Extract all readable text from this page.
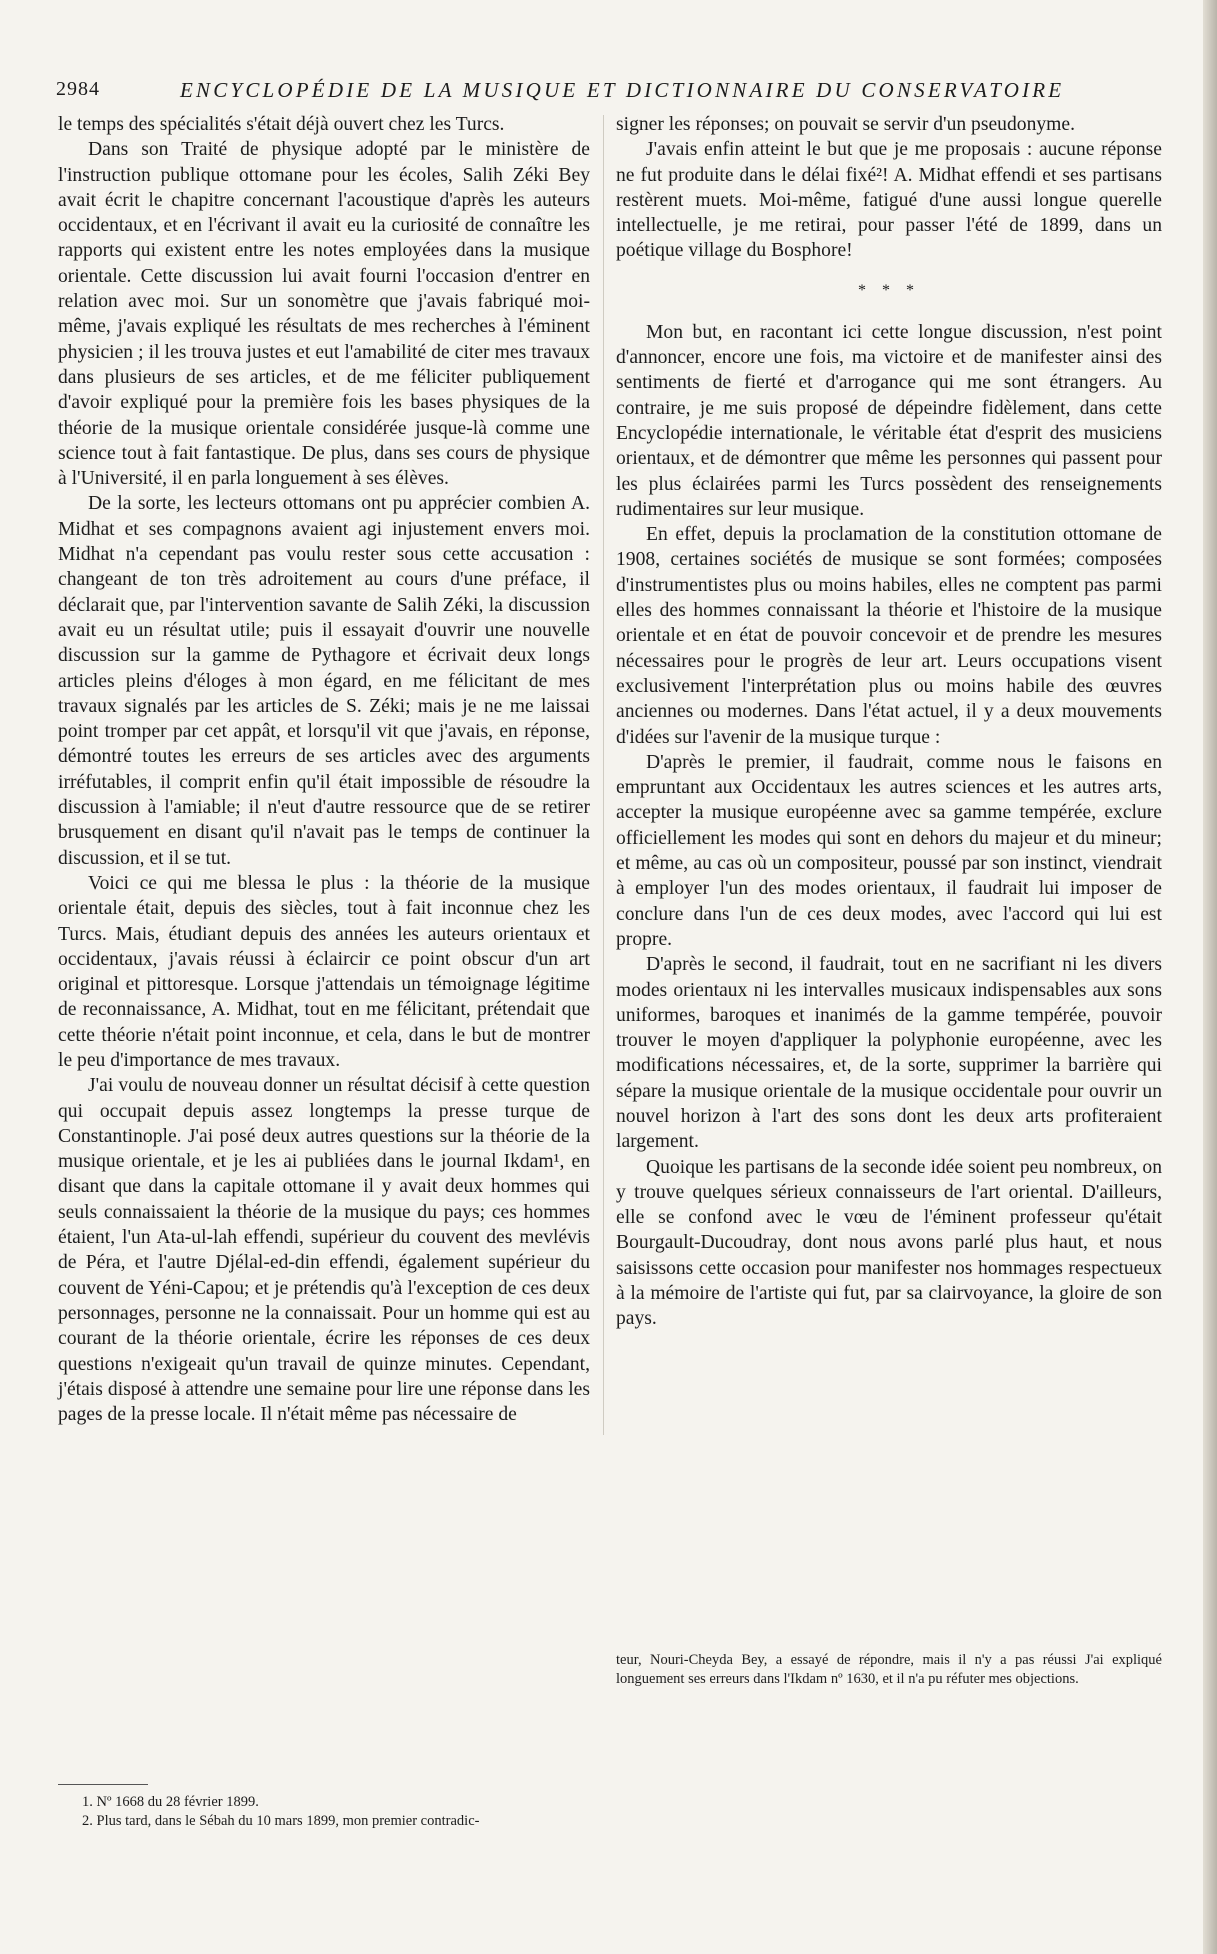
2984	ENCYCLOPÉDIE DE LA MUSIQUE ET DICTIONNAIRE DU CONSERVATOIRE

le temps des spécialités s'était déjà ouvert chez les Turcs.

Dans son Traité de physique adopté par le ministère de l'instruction publique ottomane pour les écoles, Salih Zéki Bey avait écrit le chapitre concernant l'acoustique d'après les auteurs occidentaux, et en l'écrivant il avait eu la curiosité de connaître les rapports qui existent entre les notes employées dans la musique orientale. Cette discussion lui avait fourni l'occasion d'entrer en relation avec moi. Sur un sonomètre que j'avais fabriqué moi-même, j'avais expliqué les résultats de mes recherches à l'éminent physicien ; il les trouva justes et eut l'amabilité de citer mes travaux dans plusieurs de ses articles, et de me féliciter publiquement d'avoir expliqué pour la première fois les bases physiques de la théorie de la musique orientale considérée jusque-là comme une science tout à fait fantastique. De plus, dans ses cours de physique à l'Université, il en parla longuement à ses élèves.

De la sorte, les lecteurs ottomans ont pu apprécier combien A. Midhat et ses compagnons avaient agi injustement envers moi. Midhat n'a cependant pas voulu rester sous cette accusation : changeant de ton très adroitement au cours d'une préface, il déclarait que, par l'intervention savante de Salih Zéki, la discussion avait eu un résultat utile; puis il essayait d'ouvrir une nouvelle discussion sur la gamme de Pythagore et écrivait deux longs articles pleins d'éloges à mon égard, en me félicitant de mes travaux signalés par les articles de S. Zéki; mais je ne me laissai point tromper par cet appât, et lorsqu'il vit que j'avais, en réponse, démontré toutes les erreurs de ses articles avec des arguments irréfutables, il comprit enfin qu'il était impossible de résoudre la discussion à l'amiable; il n'eut d'autre ressource que de se retirer brusquement en disant qu'il n'avait pas le temps de continuer la discussion, et il se tut.

Voici ce qui me blessa le plus : la théorie de la musique orientale était, depuis des siècles, tout à fait inconnue chez les Turcs. Mais, étudiant depuis des années les auteurs orientaux et occidentaux, j'avais réussi à éclaircir ce point obscur d'un art original et pittoresque. Lorsque j'attendais un témoignage légitime de reconnaissance, A. Midhat, tout en me félicitant, prétendait que cette théorie n'était point inconnue, et cela, dans le but de montrer le peu d'importance de mes travaux.

J'ai voulu de nouveau donner un résultat décisif à cette question qui occupait depuis assez longtemps la presse turque de Constantinople. J'ai posé deux autres questions sur la théorie de la musique orientale, et je les ai publiées dans le journal Ikdam¹, en disant que dans la capitale ottomane il y avait deux hommes qui seuls connaissaient la théorie de la musique du pays; ces hommes étaient, l'un Ata-ul-lah effendi, supérieur du couvent des mevlévis de Péra, et l'autre Djélal-ed-din effendi, également supérieur du couvent de Yéni-Capou; et je prétendis qu'à l'exception de ces deux personnages, personne ne la connaissait. Pour un homme qui est au courant de la théorie orientale, écrire les réponses de ces deux questions n'exigeait qu'un travail de quinze minutes. Cependant, j'étais disposé à attendre une semaine pour lire une réponse dans les pages de la presse locale. Il n'était même pas nécessaire de

signer les réponses; on pouvait se servir d'un pseudonyme.

J'avais enfin atteint le but que je me proposais : aucune réponse ne fut produite dans le délai fixé²! A. Midhat effendi et ses partisans restèrent muets. Moi-même, fatigué d'une aussi longue querelle intellectuelle, je me retirai, pour passer l'été de 1899, dans un poétique village du Bosphore!

* * *

Mon but, en racontant ici cette longue discussion, n'est point d'annoncer, encore une fois, ma victoire et de manifester ainsi des sentiments de fierté et d'arrogance qui me sont étrangers. Au contraire, je me suis proposé de dépeindre fidèlement, dans cette Encyclopédie internationale, le véritable état d'esprit des musiciens orientaux, et de démontrer que même les personnes qui passent pour les plus éclairées parmi les Turcs possèdent des renseignements rudimentaires sur leur musique.

En effet, depuis la proclamation de la constitution ottomane de 1908, certaines sociétés de musique se sont formées; composées d'instrumentistes plus ou moins habiles, elles ne comptent pas parmi elles des hommes connaissant la théorie et l'histoire de la musique orientale et en état de pouvoir concevoir et de prendre les mesures nécessaires pour le progrès de leur art. Leurs occupations visent exclusivement l'interprétation plus ou moins habile des œuvres anciennes ou modernes. Dans l'état actuel, il y a deux mouvements d'idées sur l'avenir de la musique turque :

D'après le premier, il faudrait, comme nous le faisons en empruntant aux Occidentaux les autres sciences et les autres arts, accepter la musique européenne avec sa gamme tempérée, exclure officiellement les modes qui sont en dehors du majeur et du mineur; et même, au cas où un compositeur, poussé par son instinct, viendrait à employer l'un des modes orientaux, il faudrait lui imposer de conclure dans l'un de ces deux modes, avec l'accord qui lui est propre.

D'après le second, il faudrait, tout en ne sacrifiant ni les divers modes orientaux ni les intervalles musicaux indispensables aux sons uniformes, baroques et inanimés de la gamme tempérée, pouvoir trouver le moyen d'appliquer la polyphonie européenne, avec les modifications nécessaires, et, de la sorte, supprimer la barrière qui sépare la musique orientale de la musique occidentale pour ouvrir un nouvel horizon à l'art des sons dont les deux arts profiteraient largement.

Quoique les partisans de la seconde idée soient peu nombreux, on y trouve quelques sérieux connaisseurs de l'art oriental. D'ailleurs, elle se confond avec le vœu de l'éminent professeur qu'était Bourgault-Ducoudray, dont nous avons parlé plus haut, et nous saisissons cette occasion pour manifester nos hommages respectueux à la mémoire de l'artiste qui fut, par sa clairvoyance, la gloire de son pays.

1. Nº 1668 du 28 février 1899.

2. Plus tard, dans le Sébah du 10 mars 1899, mon premier contradic-

teur, Nouri-Cheyda Bey, a essayé de répondre, mais il n'y a pas réussi J'ai expliqué longuement ses erreurs dans l'Ikdam nº 1630, et il n'a pu réfuter mes objections.
